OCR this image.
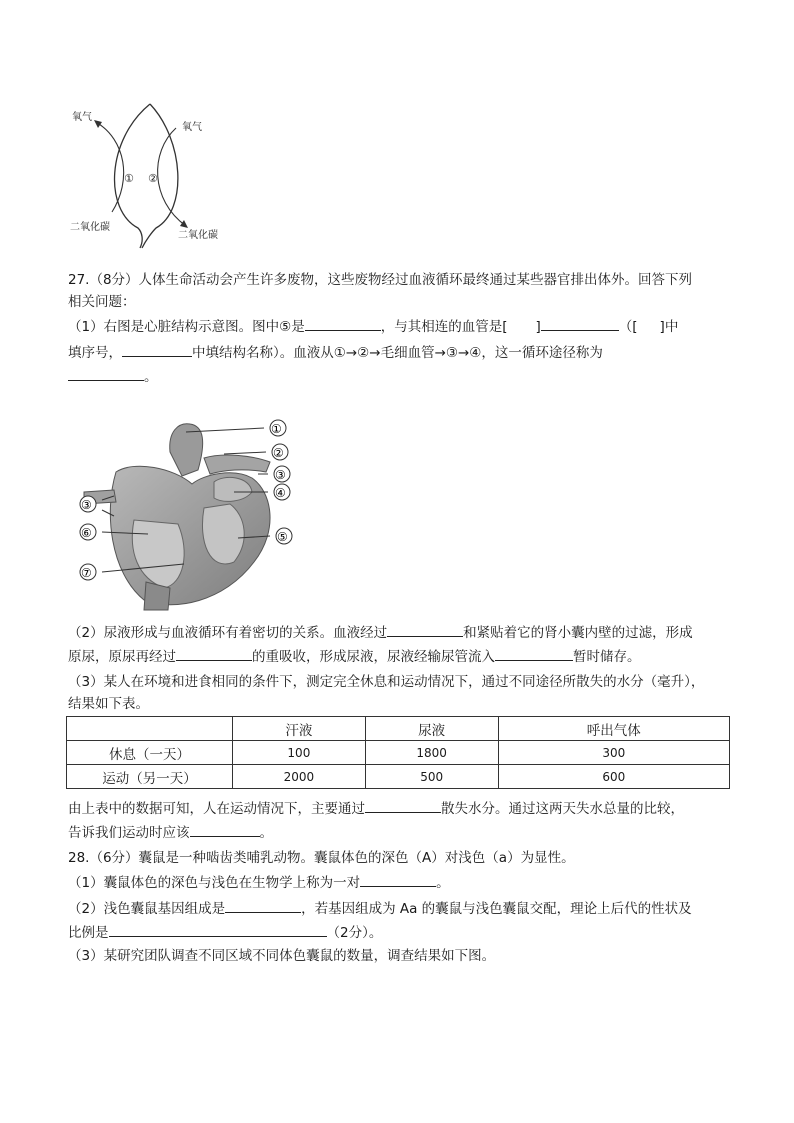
氧气
氧气
① ②
二氧化碳
二氧化碳
27.（8分）人体生命活动会产生许多废物，这些废物经过血液循环最终通过某些器官排出体外。回答下列
相关问题：
（1）右图是心脏结构示意图。图中⑤是	，与其相连的血管是[ ]	（[ ]中
填序号，	中填结构名称）。血液从①→②→毛细血管→③→④，这一循环途径称为
。
①
②
③
④
⑤
③
⑥
⑦
（2）尿液形成与血液循环有着密切的关系。血液经过	和紧贴着它的肾小囊内壁的过滤，形成
原尿，原尿再经过	的重吸收，形成尿液，尿液经输尿管流入	暂时储存。
（3）某人在环境和进食相同的条件下，测定完全休息和运动情况下，通过不同途径所散失的水分（毫升），
结果如下表。
	汗液	尿液	呼出气体
休息（一天）	100	1800	300
运动（另一天）	2000	500	600
由上表中的数据可知，人在运动情况下，主要通过	散失水分。通过这两天失水总量的比较，
告诉我们运动时应该	。
28.（6分）囊鼠是一种啮齿类哺乳动物。囊鼠体色的深色（A）对浅色（a）为显性。
（1）囊鼠体色的深色与浅色在生物学上称为一对	。
（2）浅色囊鼠基因组成是	，若基因组成为 Aa 的囊鼠与浅色囊鼠交配，理论上后代的性状及
比例是	（2分）。
（3）某研究团队调查不同区域不同体色囊鼠的数量，调查结果如下图。
